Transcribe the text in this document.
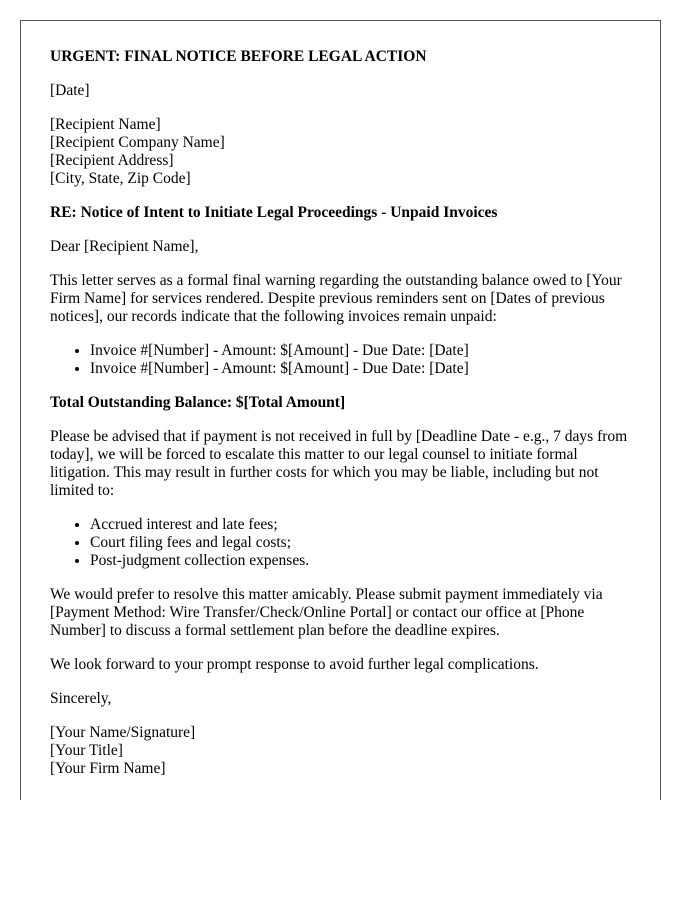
URGENT: FINAL NOTICE BEFORE LEGAL ACTION

[Date]

[Recipient Name]
[Recipient Company Name]
[Recipient Address]
[City, State, Zip Code]

RE: Notice of Intent to Initiate Legal Proceedings - Unpaid Invoices

Dear [Recipient Name],

This letter serves as a formal final warning regarding the outstanding balance owed to [Your Firm Name] for services rendered. Despite previous reminders sent on [Dates of previous notices], our records indicate that the following invoices remain unpaid:

• Invoice #[Number] - Amount: $[Amount] - Due Date: [Date]
• Invoice #[Number] - Amount: $[Amount] - Due Date: [Date]

Total Outstanding Balance: $[Total Amount]

Please be advised that if payment is not received in full by [Deadline Date - e.g., 7 days from today], we will be forced to escalate this matter to our legal counsel to initiate formal litigation. This may result in further costs for which you may be liable, including but not limited to:

• Accrued interest and late fees;
• Court filing fees and legal costs;
• Post-judgment collection expenses.

We would prefer to resolve this matter amicably. Please submit payment immediately via [Payment Method: Wire Transfer/Check/Online Portal] or contact our office at [Phone Number] to discuss a formal settlement plan before the deadline expires.

We look forward to your prompt response to avoid further legal complications.

Sincerely,

[Your Name/Signature]
[Your Title]
[Your Firm Name]
